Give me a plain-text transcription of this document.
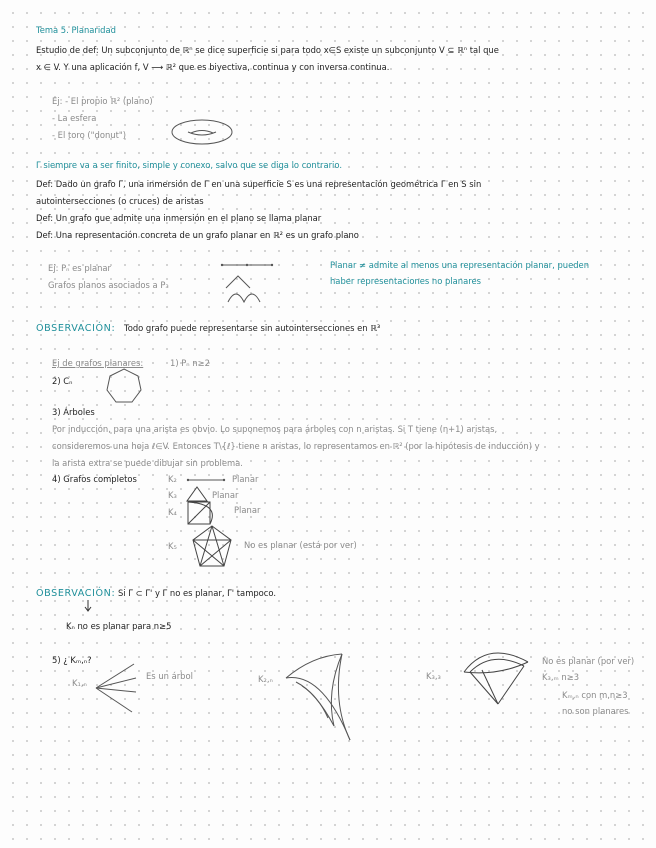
Tema 5. Planaridad
Estudio de def: Un subconjunto de ℝⁿ se dice superficie si para todo x∈S existe un subconjunto V ⊆ ℝⁿ tal que
x ∈ V. Y una aplicación f, V ⟶ ℝ² que es biyectiva, continua y con inversa continua.
Ej: - El propio ℝ² (plano)
- La esfera
- El toro ("donut")
Γ siempre va a ser finito, simple y conexo, salvo que se diga lo contrario.
Def: Dado un grafo Γ, una inmersión de Γ en una superficie S es una representación geométrica Γ en S sin
autointersecciones (o cruces) de aristas
Def: Un grafo que admite una inmersión en el plano se llama planar
Def: Una representación concreta de un grafo planar en ℝ² es un grafo plano
Ej: Pₙ es planar
Grafos planos asociados a P₃
Planar ≠ admite al menos una representación planar, pueden
haber representaciones no planares
OBSERVACIÓN: Todo grafo puede representarse sin autointersecciones en ℝ³
Ej de grafos planares:	1) Pₙ n≥2
2) Cₙ
3) Árboles
Por inducción, para una arista es obvio. Lo suponemos para árboles con n aristas. Si T tiene (n+1) aristas,
consideremos una hoja ℓ∈V. Entonces T\{ℓ} tiene n aristas, lo representamos en ℝ² (por la hipótesis de inducción) y
la arista extra se puede dibujar sin problema.
4) Grafos completos	K₂	Planar
K₃	Planar
K₄	Planar
K₅	No es planar (está por ver)
OBSERVACIÓN: Si Γ ⊂ Γ' y Γ no es planar, Γ' tampoco.
Kₙ no es planar para n≥5
5) ¿ Kₘ,ₙ?
K₁,ₙ
Es un árbol	K₂,ₙ	K₃,₃
No es planar (por ver)
K₃,ₘ n≥3
Kₘ,ₙ con m,n≥3
no son planares
